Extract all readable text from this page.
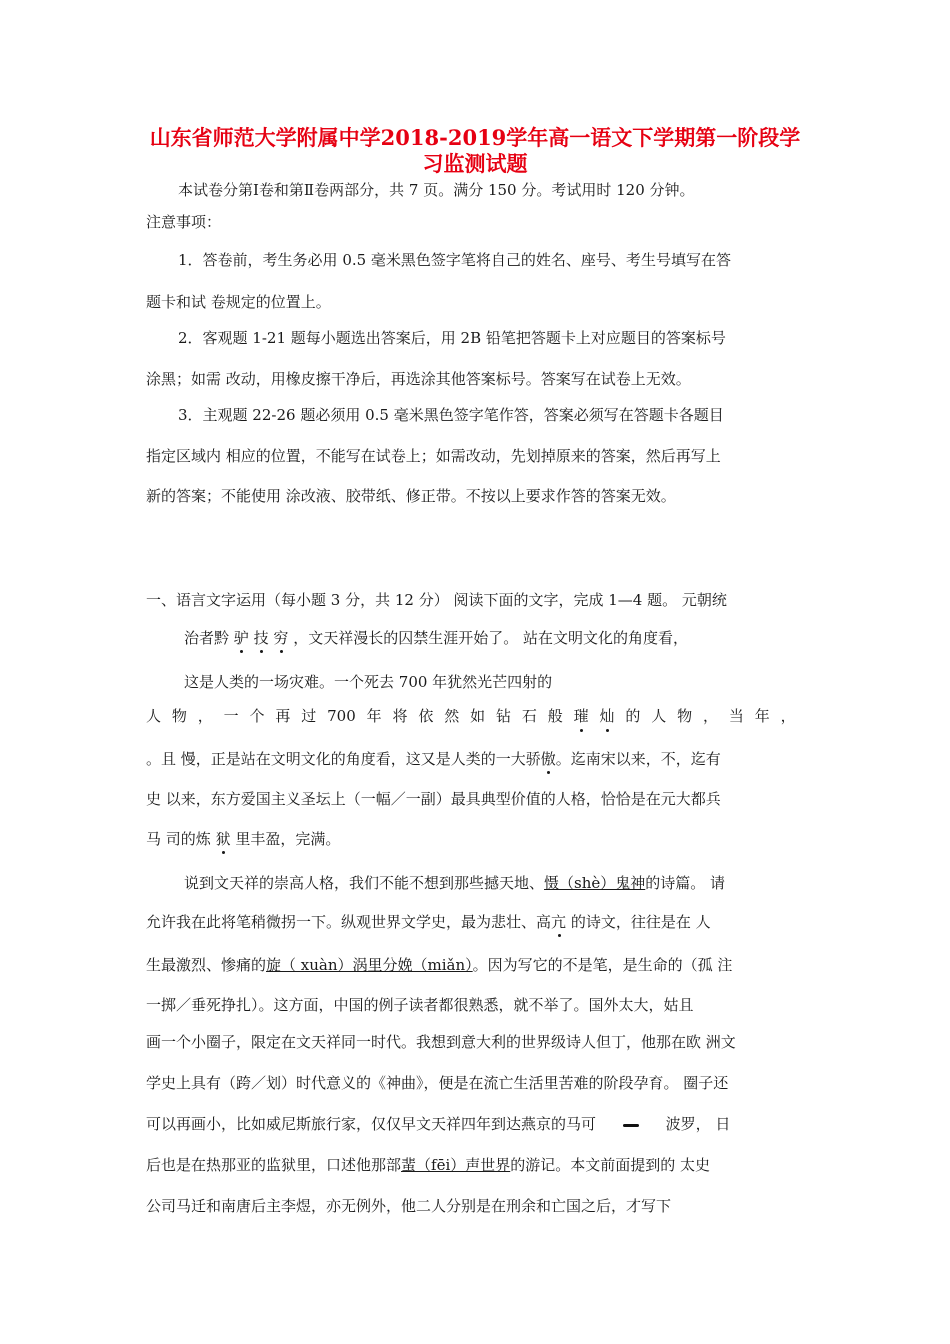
山东省师范大学附属中学2018-2019学年高一语文下学期第一阶段学
习监测试题
本试卷分第Ⅰ卷和第Ⅱ卷两部分，共 7 页。满分 150 分。考试用时 120 分钟。
注意事项：
1．答卷前，考生务必用 0.5 毫米黑色签字笔将自己的姓名、座号、考生号填写在答
题卡和试 卷规定的位置上。
2．客观题 1-21 题每小题选出答案后，用 2B 铅笔把答题卡上对应题目的答案标号
涂黑；如需 改动，用橡皮擦干净后，再选涂其他答案标号。答案写在试卷上无效。
3．主观题 22-26 题必须用 0.5 毫米黑色签字笔作答，答案必须写在答题卡各题目
指定区域内 相应的位置，不能写在试卷上；如需改动，先划掉原来的答案，然后再写上
新的答案；不能使用 涂改液、胶带纸、修正带。不按以上要求作答的答案无效。
一、语言文字运用（每小题 3 分，共 12 分） 阅读下面的文字，完成 1—4 题。 元朝统
治者黔 驴 技 穷 ，文天祥漫长的囚禁生涯开始了。 站在文明文化的角度看，
这是人类的一场灾难。一个死去 700 年犹然光芒四射的
人 物 ， 一 个 再 过 700 年 将 依 然 如 钻 石 般 璀 灿 的 人 物 ， 当 年 ，
。且 慢，正是站在文明文化的角度看，这又是人类的一大骄傲。迄南宋以来，不，迄有
史 以来，东方爱国主义圣坛上（一幅／一副）最具典型价值的人格，恰恰是在元大都兵
马 司的炼 狱 里丰盈，完满。
说到文天祥的崇高人格，我们不能不想到那些撼天地、慑（shè）鬼神的诗篇。 请
允许我在此将笔稍微拐一下。纵观世界文学史，最为悲壮、高亢 的诗文，往往是在 人
生最激烈、惨痛的旋（ xuàn）涡里分娩（miǎn）。因为写它的不是笔，是生命的（孤 注
一掷／垂死挣扎）。这方面，中国的例子读者都很熟悉，就不举了。国外太大，姑且
画一个小圈子，限定在文天祥同一时代。我想到意大利的世界级诗人但丁，他那在欧 洲文
学史上具有（跨／划）时代意义的《神曲》，便是在流亡生活里苦难的阶段孕育。 圈子还
可以再画小，比如威尼斯旅行家，仅仅早文天祥四年到达燕京的马可	波罗， 日
后也是在热那亚的监狱里，口述他那部蜚（fēi）声世界的游记。本文前面提到的 太史
公司马迁和南唐后主李煜，亦无例外，他二人分别是在刑余和亡国之后，才写下
